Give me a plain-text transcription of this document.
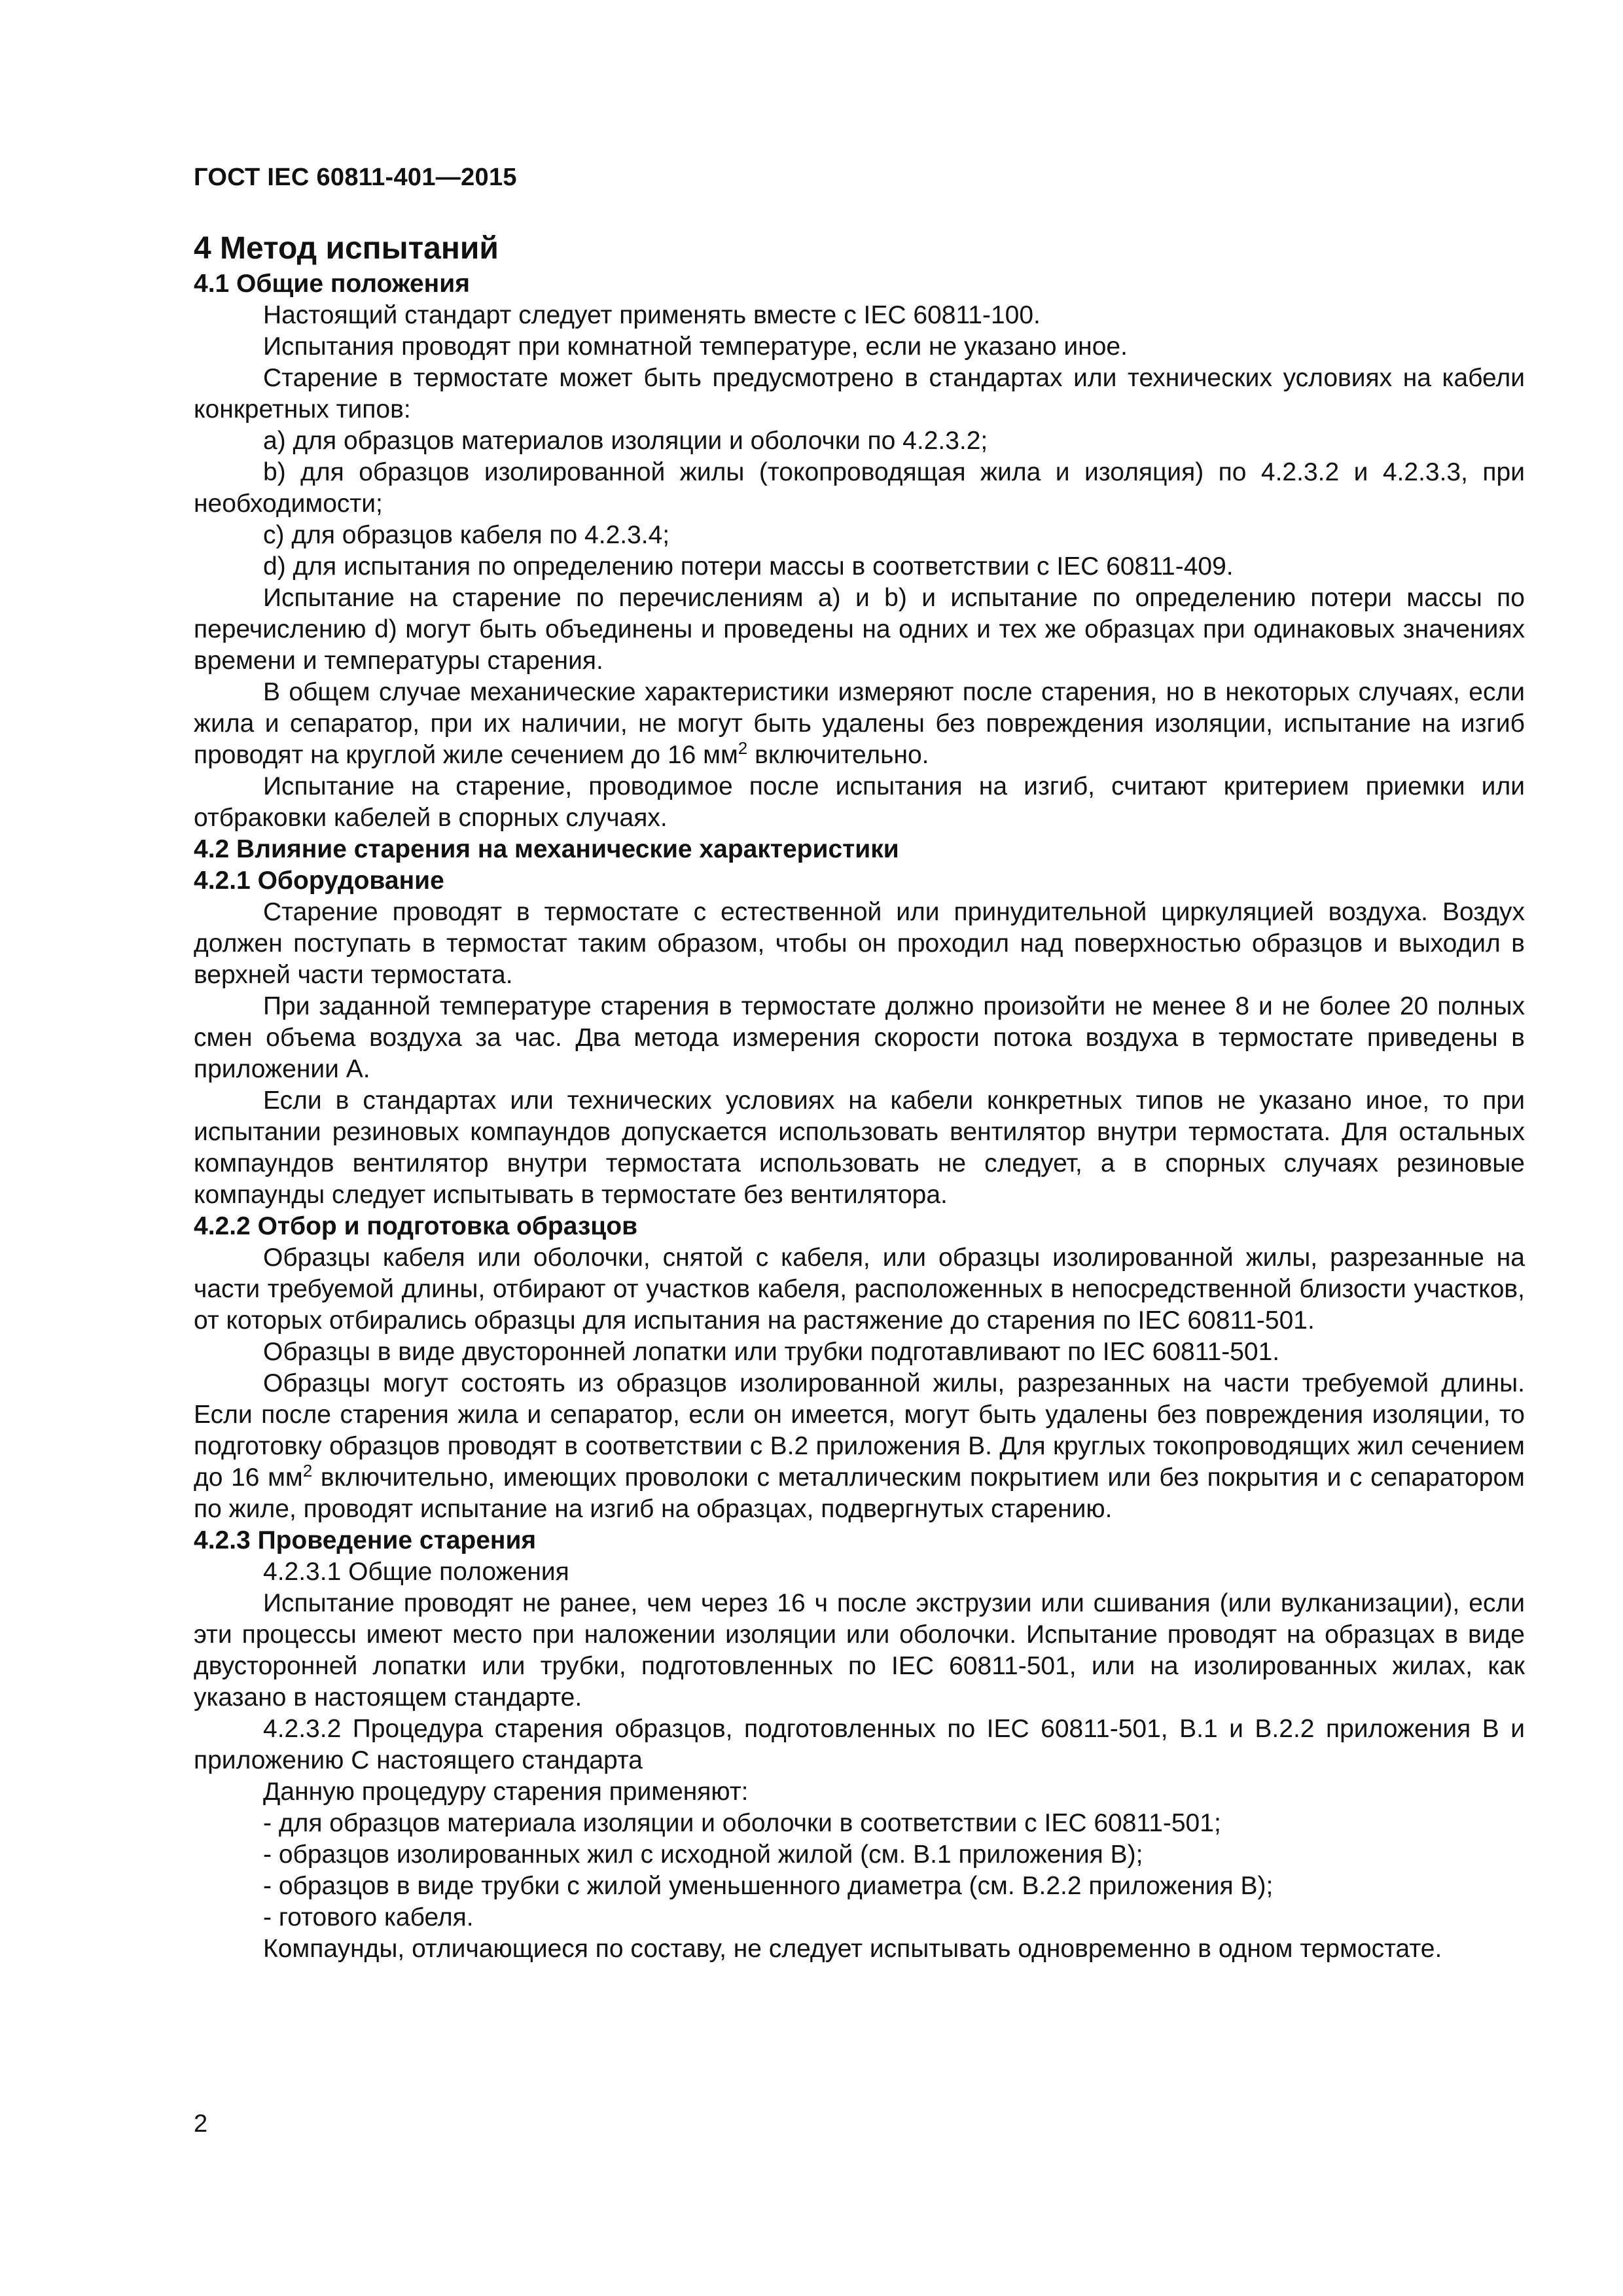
ГОСТ IEC 60811-401—2015

4 Метод испытаний

4.1 Общие положения

Настоящий стандарт следует применять вместе с IEC 60811-100.

Испытания проводят при комнатной температуре, если не указано иное.

Старение в термостате может быть предусмотрено в стандартах или технических условиях на кабели конкретных типов:

а) для образцов материалов изоляции и оболочки по 4.2.3.2;

b) для образцов изолированной жилы (токопроводящая жила и изоляция) по 4.2.3.2 и 4.2.3.3, при необходимости;

c) для образцов кабеля по 4.2.3.4;

d) для испытания по определению потери массы в соответствии с IEC 60811-409.

Испытание на старение по перечислениям а) и b) и испытание по определению потери массы по перечислению d) могут быть объединены и проведены на одних и тех же образцах при одинаковых значениях времени и температуры старения.

В общем случае механические характеристики измеряют после старения, но в некоторых случаях, если жила и сепаратор, при их наличии, не могут быть удалены без повреждения изоляции, испытание на изгиб проводят на круглой жиле сечением до 16 $мм^2$ включительно.

Испытание на старение, проводимое после испытания на изгиб, считают критерием приемки или отбраковки кабелей в спорных случаях.

4.2 Влияние старения на механические характеристики

4.2.1 Оборудование

Старение проводят в термостате с естественной или принудительной циркуляцией воздуха. Воздух должен поступать в термостат таким образом, чтобы он проходил над поверхностью образцов и выходил в верхней части термостата.

При заданной температуре старения в термостате должно произойти не менее 8 и не более 20 полных смен объема воздуха за час. Два метода измерения скорости потока воздуха в термостате приведены в приложении А.

Если в стандартах или технических условиях на кабели конкретных типов не указано иное, то при испытании резиновых компаундов допускается использовать вентилятор внутри термостата. Для остальных компаундов вентилятор внутри термостата использовать не следует, а в спорных случаях резиновые компаунды следует испытывать в термостате без вентилятора.

4.2.2 Отбор и подготовка образцов

Образцы кабеля или оболочки, снятой с кабеля, или образцы изолированной жилы, разрезанные на части требуемой длины, отбирают от участков кабеля, расположенных в непосредственной близости участков, от которых отбирались образцы для испытания на растяжение до старения по IEC 60811-501.

Образцы в виде двусторонней лопатки или трубки подготавливают по IEC 60811-501.

Образцы могут состоять из образцов изолированной жилы, разрезанных на части требуемой длины. Если после старения жила и сепаратор, если он имеется, могут быть удалены без повреждения изоляции, то подготовку образцов проводят в соответствии с В.2 приложения В. Для круглых токопроводящих жил сечением до 16 $мм^2$ включительно, имеющих проволоки с металлическим покрытием или без покрытия и с сепаратором по жиле, проводят испытание на изгиб на образцах, подвергнутых старению.

4.2.3 Проведение старения

4.2.3.1 Общие положения

Испытание проводят не ранее, чем через 16 ч после экструзии или сшивания (или вулканизации), если эти процессы имеют место при наложении изоляции или оболочки. Испытание проводят на образцах в виде двусторонней лопатки или трубки, подготовленных по IEC 60811-501, или на изолированных жилах, как указано в настоящем стандарте.

4.2.3.2 Процедура старения образцов, подготовленных по IEC 60811-501, В.1 и В.2.2 приложения В и приложению С настоящего стандарта

Данную процедуру старения применяют:

- для образцов материала изоляции и оболочки в соответствии с IEC 60811-501;

- образцов изолированных жил с исходной жилой (см. В.1 приложения В);

- образцов в виде трубки с жилой уменьшенного диаметра (см. В.2.2 приложения В);

- готового кабеля.

Компаунды, отличающиеся по составу, не следует испытывать одновременно в одном термостате.

2
